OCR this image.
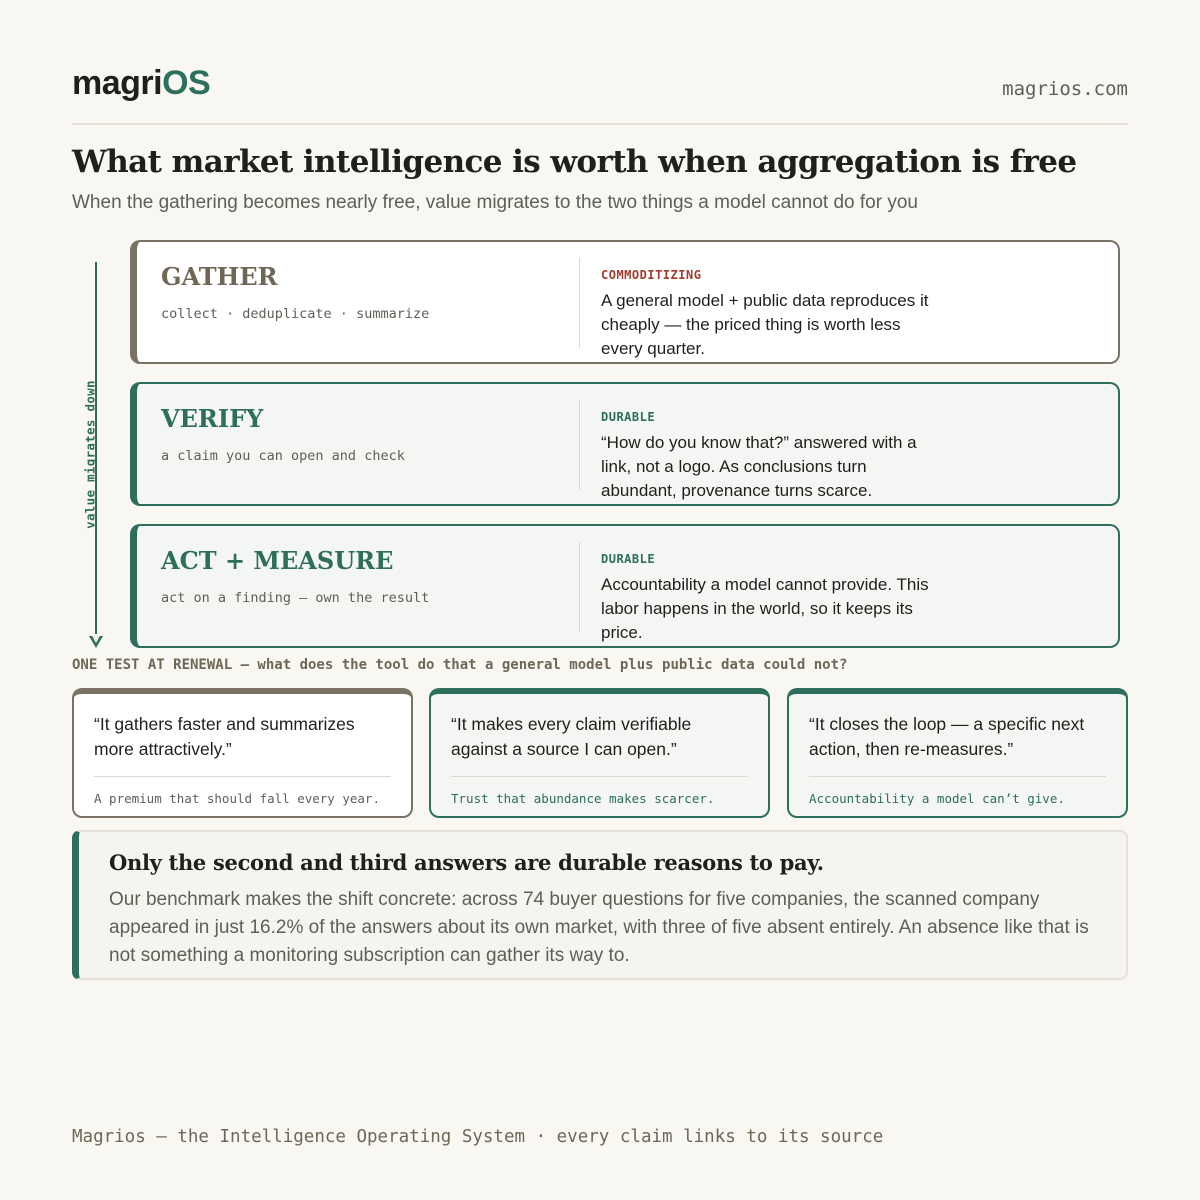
magriOS	magrios.com
What market intelligence is worth when aggregation is free
When the gathering becomes nearly free, value migrates to the two things a model cannot do for you
value migrates down
GATHER
collect · deduplicate · summarize
COMMODITIZING
A general model + public data reproduces it cheaply — the priced thing is worth less every quarter.
VERIFY
a claim you can open and check
DURABLE
“How do you know that?” answered with a link, not a logo. As conclusions turn abundant, provenance turns scarce.
ACT + MEASURE
act on a finding — own the result
DURABLE
Accountability a model cannot provide. This labor happens in the world, so it keeps its price.
ONE TEST AT RENEWAL — what does the tool do that a general model plus public data could not?
“It gathers faster and summarizes more attractively.”
A premium that should fall every year.
“It makes every claim verifiable against a source I can open.”
Trust that abundance makes scarcer.
“It closes the loop — a specific next action, then re-measures.”
Accountability a model can’t give.
Only the second and third answers are durable reasons to pay.
Our benchmark makes the shift concrete: across 74 buyer questions for five companies, the scanned company appeared in just 16.2% of the answers about its own market, with three of five absent entirely. An absence like that is not something a monitoring subscription can gather its way to.
Magrios — the Intelligence Operating System · every claim links to its source
